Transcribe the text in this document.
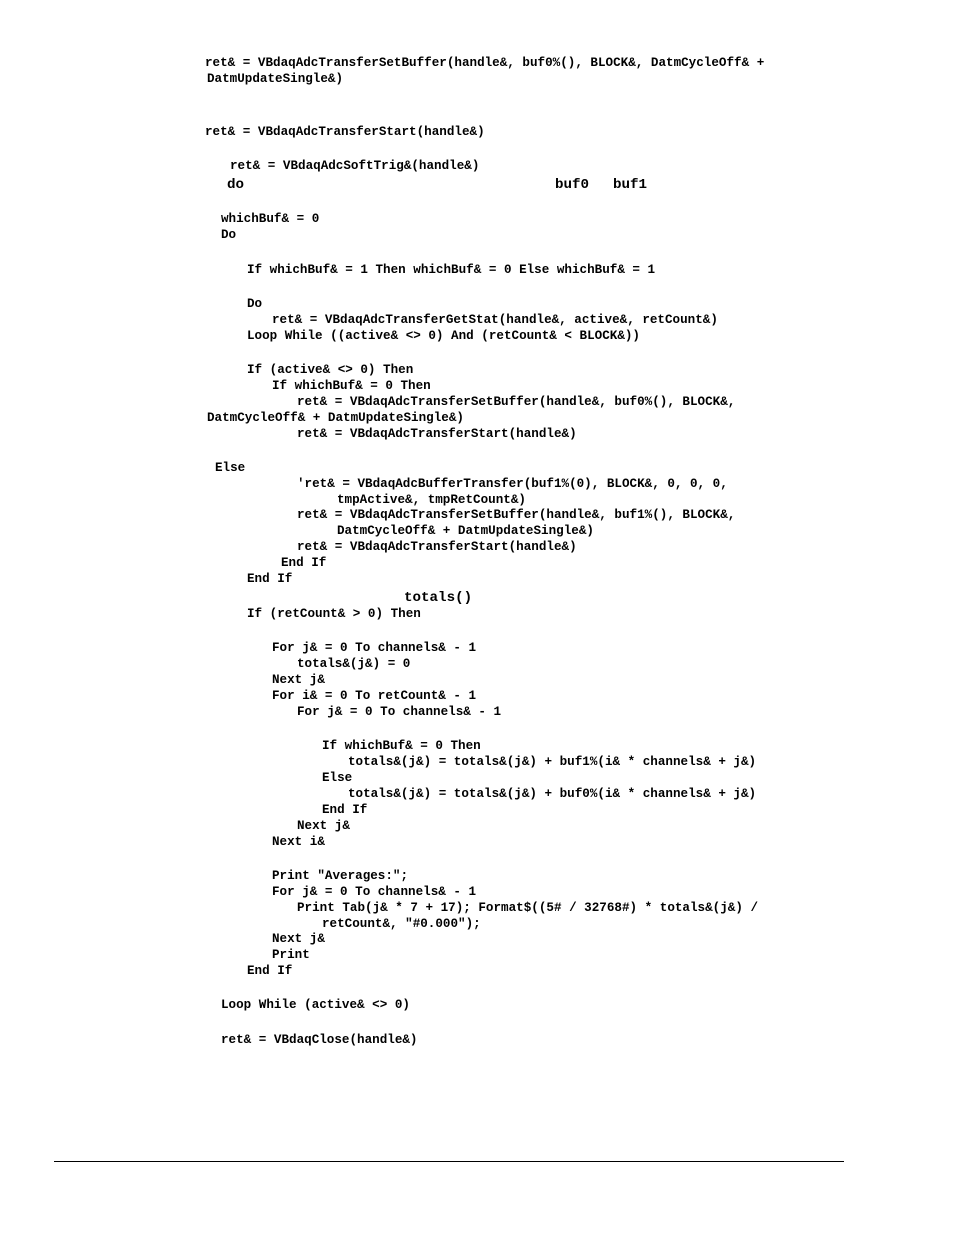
ret& = VBdaqAdcTransferSetBuffer(handle&, buf0%(), BLOCK&, DatmCycleOff& +
DatmUpdateSingle&)
ret& = VBdaqAdcTransferStart(handle&)
ret& = VBdaqAdcSoftTrig&(handle&)
do	buf0 buf1
whichBuf& = 0
Do
If whichBuf& = 1 Then whichBuf& = 0 Else whichBuf& = 1
Do
ret& = VBdaqAdcTransferGetStat(handle&, active&, retCount&)
Loop While ((active& <> 0) And (retCount& < BLOCK&))
If (active& <> 0) Then
If whichBuf& = 0 Then
ret& = VBdaqAdcTransferSetBuffer(handle&, buf0%(), BLOCK&,
DatmCycleOff& + DatmUpdateSingle&)
ret& = VBdaqAdcTransferStart(handle&)
Else
'ret& = VBdaqAdcBufferTransfer(buf1%(0), BLOCK&, 0, 0, 0,
tmpActive&, tmpRetCount&)
ret& = VBdaqAdcTransferSetBuffer(handle&, buf1%(), BLOCK&,
DatmCycleOff& + DatmUpdateSingle&)
ret& = VBdaqAdcTransferStart(handle&)
End If
End If
totals()
If (retCount& > 0) Then
For j& = 0 To channels& - 1
totals&(j&) = 0
Next j&
For i& = 0 To retCount& - 1
For j& = 0 To channels& - 1
If whichBuf& = 0 Then
totals&(j&) = totals&(j&) + buf1%(i& * channels& + j&)
Else
totals&(j&) = totals&(j&) + buf0%(i& * channels& + j&)
End If
Next j&
Next i&
Print "Averages:";
For j& = 0 To channels& - 1
Print Tab(j& * 7 + 17); Format$((5# / 32768#) * totals&(j&) /
retCount&, "#0.000");
Next j&
Print
End If
Loop While (active& <> 0)
ret& = VBdaqClose(handle&)
